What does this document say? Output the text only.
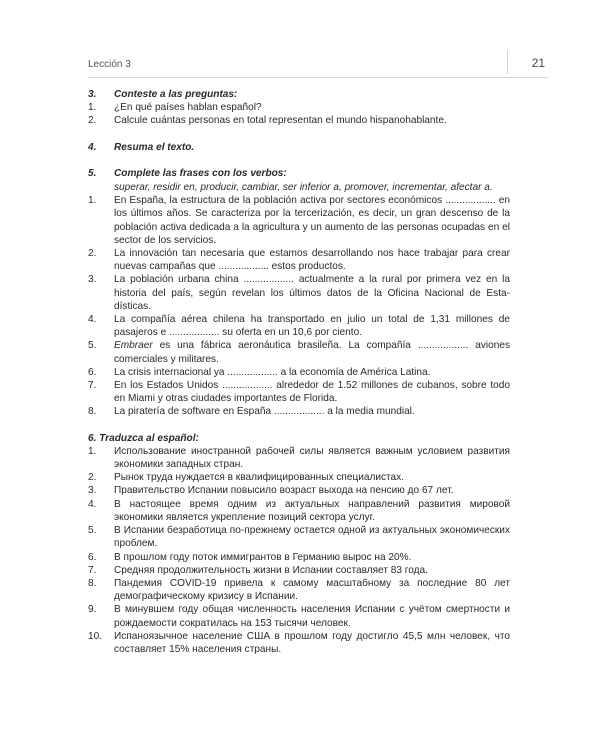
Lección 3	21

3. Conteste a las preguntas:

1.	¿En qué países hablan español?
2.	Calcule cuántas personas en total representan el mundo hispanohablante.

4. Resuma el texto.

5. Complete las frases con los verbos:

superar, residir en, producir, cambiar, ser inferior a, promover, incrementar, afectar a.

1.	En España, la estructura de la población activa por sectores económicos .................. en los últimos años. Se caracteriza por la tercerización, es decir, un gran descenso de la población activa dedicada a la agricultura y un aumento de las personas ocupadas en el sector de los servicios.
2.	La innovación tan necesaria que estamos desarrollando nos hace trabajar para crear nuevas campañas que .................. estos productos.
3.	La población urbana china .................. actualmente a la rural por primera vez en la historia del país, según revelan los últimos datos de la Oficina Nacional de Esta-dísticas.
4.	La compañía aérea chilena ha transportado en julio un total de 1,31 millones de pasajeros e .................. su oferta en un 10,6 por ciento.
5.	Embraer es una fábrica aeronáutica brasileña. La compañía .................. aviones comerciales y militares.
6.	La crisis internacional ya .................. a la economía de América Latina.
7.	En los Estados Unidos .................. alrededor de 1.52 millones de cubanos, sobre todo en Miami y otras ciudades importantes de Florida.
8.	La piratería de software en España .................. a la media mundial.

6. Traduzca al español:

1.	Использование иностранной рабочей силы является важным условием развития экономики западных стран.
2.	Рынок труда нуждается в квалифицированных специалистах.
3.	Правительство Испании повысило возраст выхода на пенсию до 67 лет.
4.	В настоящее время одним из актуальных направлений развития мировой экономики является укрепление позиций сектора услуг.
5.	В Испании безработица по-прежнему остается одной из актуальных экономических проблем.
6.	В прошлом году поток иммигрантов в Германию вырос на 20%.
7.	Средняя продолжительность жизни в Испании составляет 83 года.
8.	Пандемия COVID-19 привела к самому масштабному за последние 80 лет демографическому кризису в Испании.
9.	В минувшем году общая численность населения Испании с учётом смертности и рождаемости сократилась на 153 тысячи человек.
10.	Испаноязычное население США в прошлом году достигло 45,5 млн человек, что составляет 15% населения страны.
